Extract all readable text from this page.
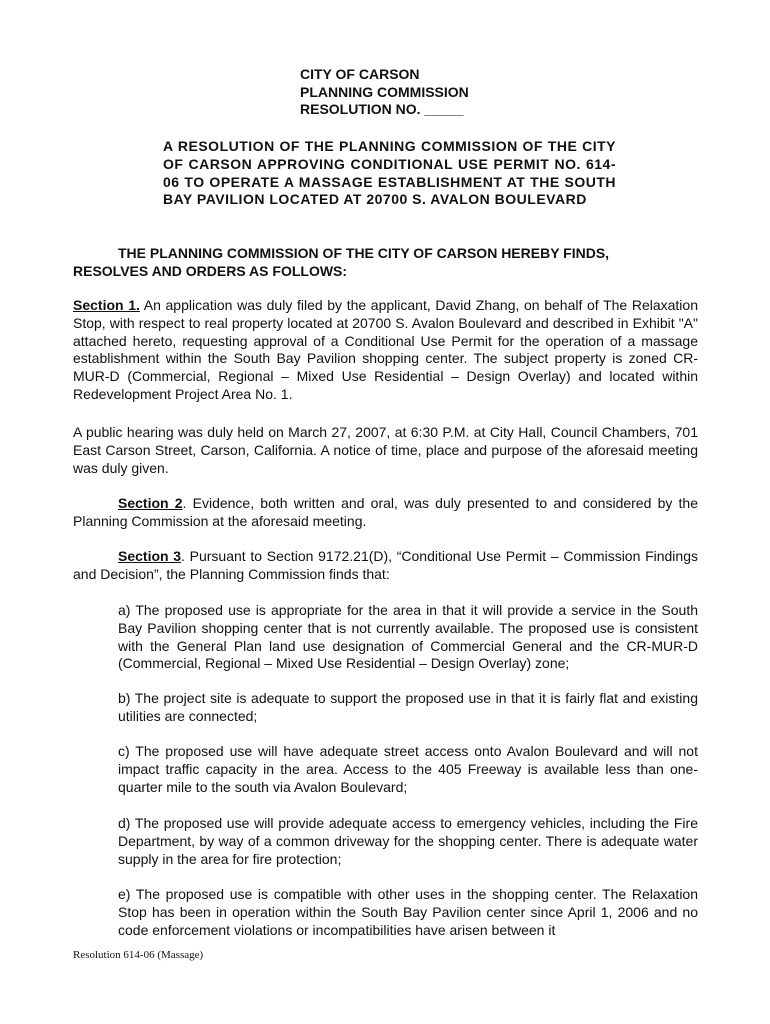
CITY OF CARSON
PLANNING COMMISSION
RESOLUTION NO. _____
A RESOLUTION OF THE PLANNING COMMISSION OF THE CITY OF CARSON APPROVING CONDITIONAL USE PERMIT NO. 614-06 TO OPERATE A MASSAGE ESTABLISHMENT AT THE SOUTH BAY PAVILION LOCATED AT 20700 S. AVALON BOULEVARD
THE PLANNING COMMISSION OF THE CITY OF CARSON HEREBY FINDS,
RESOLVES AND ORDERS AS FOLLOWS:
Section 1. An application was duly filed by the applicant, David Zhang, on behalf of The Relaxation Stop, with respect to real property located at 20700 S. Avalon Boulevard and described in Exhibit "A" attached hereto, requesting approval of a Conditional Use Permit for the operation of a massage establishment within the South Bay Pavilion shopping center. The subject property is zoned CR-MUR-D (Commercial, Regional – Mixed Use Residential – Design Overlay) and located within Redevelopment Project Area No. 1.
A public hearing was duly held on March 27, 2007, at 6:30 P.M. at City Hall, Council Chambers, 701 East Carson Street, Carson, California. A notice of time, place and purpose of the aforesaid meeting was duly given.
Section 2. Evidence, both written and oral, was duly presented to and considered by the Planning Commission at the aforesaid meeting.
Section 3. Pursuant to Section 9172.21(D), “Conditional Use Permit – Commission Findings and Decision”, the Planning Commission finds that:
a) The proposed use is appropriate for the area in that it will provide a service in the South Bay Pavilion shopping center that is not currently available. The proposed use is consistent with the General Plan land use designation of Commercial General and the CR-MUR-D (Commercial, Regional – Mixed Use Residential – Design Overlay) zone;
b) The project site is adequate to support the proposed use in that it is fairly flat and existing utilities are connected;
c) The proposed use will have adequate street access onto Avalon Boulevard and will not impact traffic capacity in the area. Access to the 405 Freeway is available less than one-quarter mile to the south via Avalon Boulevard;
d) The proposed use will provide adequate access to emergency vehicles, including the Fire Department, by way of a common driveway for the shopping center. There is adequate water supply in the area for fire protection;
e) The proposed use is compatible with other uses in the shopping center. The Relaxation Stop has been in operation within the South Bay Pavilion center since April 1, 2006 and no code enforcement violations or incompatibilities have arisen between it
Resolution 614-06 (Massage)
